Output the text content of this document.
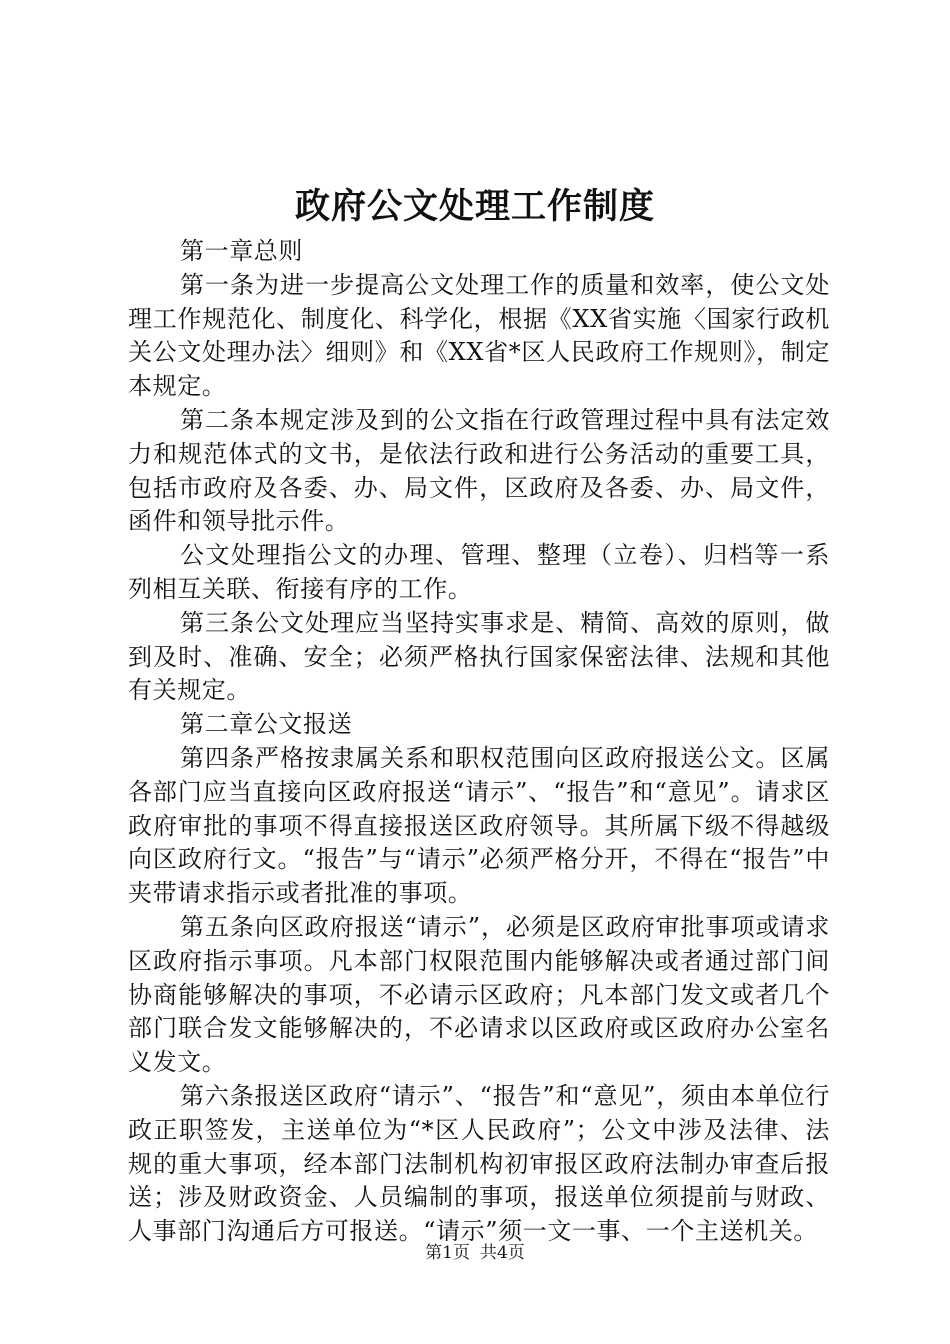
政府公文处理工作制度

第一章总则

第一条为进一步提高公文处理工作的质量和效率，使公文处理工作规范化、制度化、科学化，根据《XX省实施〈国家行政机关公文处理办法〉细则》和《XX省*区人民政府工作规则》，制定本规定。

第二条本规定涉及到的公文指在行政管理过程中具有法定效力和规范体式的文书，是依法行政和进行公务活动的重要工具，包括市政府及各委、办、局文件，区政府及各委、办、局文件，函件和领导批示件。

公文处理指公文的办理、管理、整理（立卷）、归档等一系列相互关联、衔接有序的工作。

第三条公文处理应当坚持实事求是、精简、高效的原则，做到及时、准确、安全；必须严格执行国家保密法律、法规和其他有关规定。

第二章公文报送

第四条严格按隶属关系和职权范围向区政府报送公文。区属各部门应当直接向区政府报送“请示”、“报告”和“意见”。请求区政府审批的事项不得直接报送区政府领导。其所属下级不得越级向区政府行文。“报告”与“请示”必须严格分开，不得在“报告”中夹带请求指示或者批准的事项。

第五条向区政府报送“请示”，必须是区政府审批事项或请求区政府指示事项。凡本部门权限范围内能够解决或者通过部门间协商能够解决的事项，不必请示区政府；凡本部门发文或者几个部门联合发文能够解决的，不必请求以区政府或区政府办公室名义发文。

第六条报送区政府“请示”、“报告”和“意见”，须由本单位行政正职签发，主送单位为“*区人民政府”；公文中涉及法律、法规的重大事项，经本部门法制机构初审报区政府法制办审查后报送；涉及财政资金、人员编制的事项，报送单位须提前与财政、人事部门沟通后方可报送。“请示”须一文一事、一个主送机关。

第1页 共4页
